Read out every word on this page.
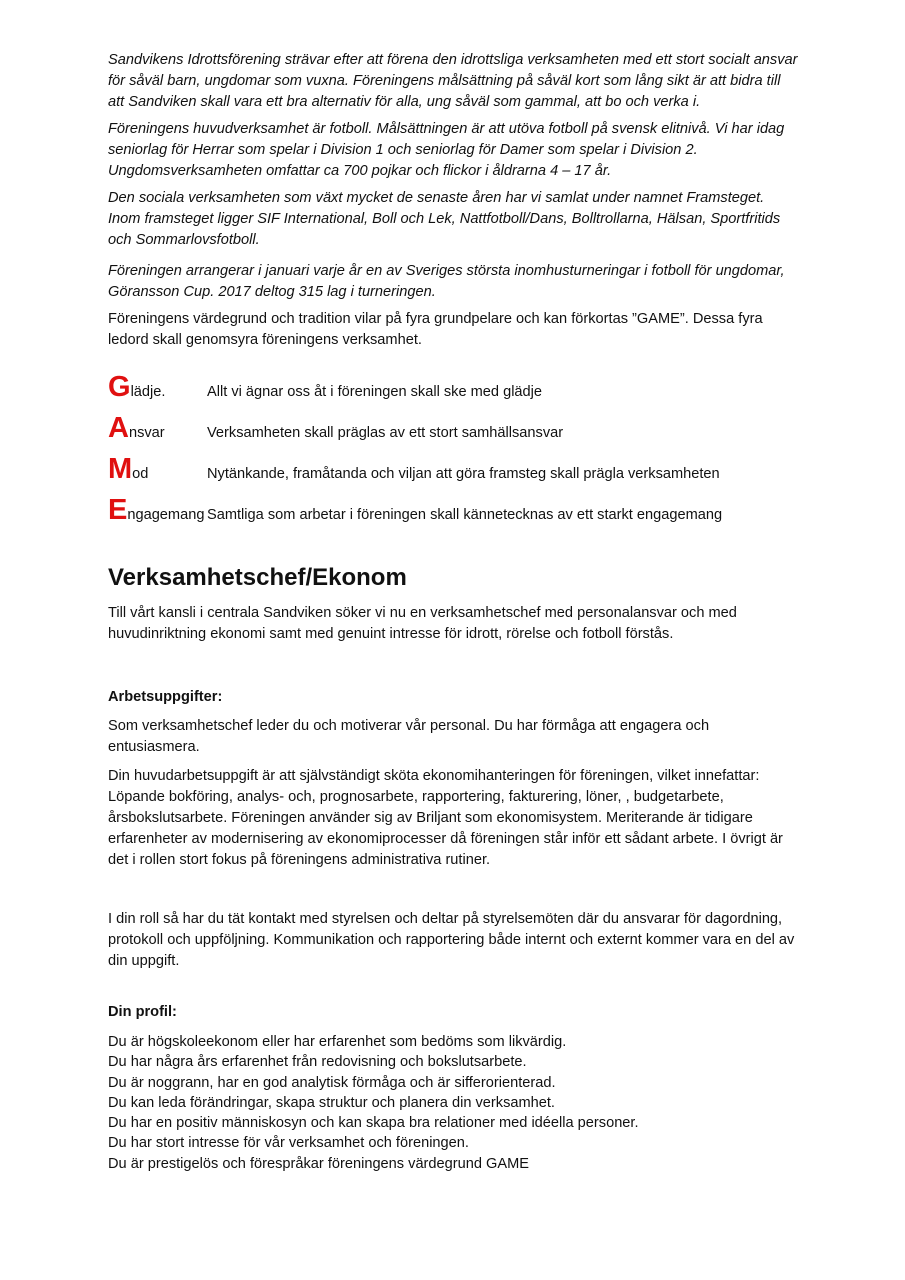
Sandvikens Idrottsförening strävar efter att förena den idrottsliga verksamheten med ett stort socialt ansvar för såväl barn, ungdomar som vuxna. Föreningens målsättning på såväl kort som lång sikt är att bidra till att Sandviken skall vara ett bra alternativ för alla, ung såväl som gammal, att bo och verka i.

Föreningens huvudverksamhet är fotboll. Målsättningen är att utöva fotboll på svensk elitnivå. Vi har idag seniorlag för Herrar som spelar i Division 1 och seniorlag för Damer som spelar i Division 2. Ungdomsverksamheten omfattar ca 700 pojkar och flickor i åldrarna 4 – 17 år.

Den sociala verksamheten som växt mycket de senaste åren har vi samlat under namnet Framsteget. Inom framsteget ligger SIF International, Boll och Lek, Nattfotboll/Dans, Bolltrollarna, Hälsan, Sportfritids och Sommarlovsfotboll.

Föreningen arrangerar i januari varje år en av Sveriges största inomhusturneringar i fotboll för ungdomar, Göransson Cup. 2017 deltog 315 lag i turneringen.

Föreningens värdegrund och tradition vilar på fyra grundpelare och kan förkortas ”GAME”. Dessa fyra ledord skall genomsyra föreningens verksamhet.

Glädje.	Allt vi ägnar oss åt i föreningen skall ske med glädje
Ansvar	Verksamheten skall präglas av ett stort samhällsansvar
Mod	Nytänkande, framåtanda och viljan att göra framsteg skall prägla verksamheten
Engagemang Samtliga som arbetar i föreningen skall kännetecknas av ett starkt engagemang
Verksamhetschef/Ekonom

Till vårt kansli i centrala Sandviken söker vi nu en verksamhetschef med personalansvar och med huvudinriktning ekonomi samt med genuint intresse för idrott, rörelse och fotboll förstås.

Arbetsuppgifter:

Som verksamhetschef leder du och motiverar vår personal. Du har förmåga att engagera och entusiasmera.

Din huvudarbetsuppgift är att självständigt sköta ekonomihanteringen för föreningen, vilket innefattar: Löpande bokföring, analys- och, prognosarbete, rapportering, fakturering, löner, , budgetarbete, årsbokslutsarbete. Föreningen använder sig av Briljant som ekonomisystem. Meriterande är tidigare erfarenheter av modernisering av ekonomiprocesser då föreningen står inför ett sådant arbete. I övrigt är det i rollen stort fokus på föreningens administrativa rutiner.

I din roll så har du tät kontakt med styrelsen och deltar på styrelsemöten där du ansvarar för dagordning, protokoll och uppföljning. Kommunikation och rapportering både internt och externt kommer vara en del av din uppgift.

Din profil:

Du är högskoleekonom eller har erfarenhet som bedöms som likvärdig.
Du har några års erfarenhet från redovisning och bokslutsarbete.
Du är noggrann, har en god analytisk förmåga och är sifferorienterad.
Du kan leda förändringar, skapa struktur och planera din verksamhet.
Du har en positiv människosyn och kan skapa bra relationer med idéella personer.
Du har stort intresse för vår verksamhet och föreningen.
Du är prestigelös och förespråkar föreningens värdegrund GAME
